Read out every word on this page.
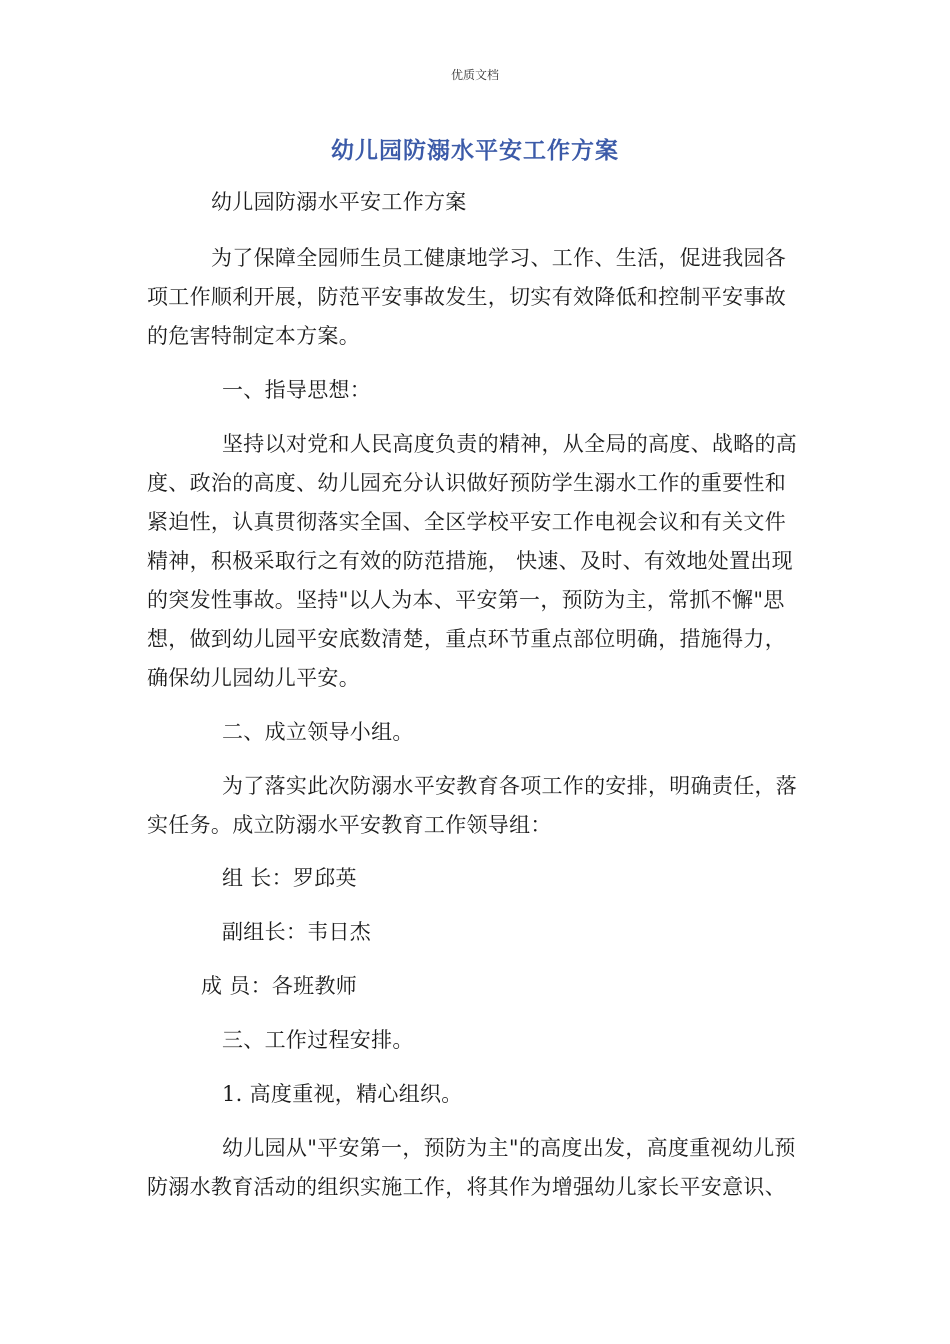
优质文档
幼儿园防溺水平安工作方案
幼儿园防溺水平安工作方案
为了保障全园师生员工健康地学习、工作、生活，促进我园各
项工作顺利开展，防范平安事故发生，切实有效降低和控制平安事故
的危害特制定本方案。
一、指导思想：
坚持以对党和人民高度负责的精神，从全局的高度、战略的高
度、政治的高度、幼儿园充分认识做好预防学生溺水工作的重要性和
紧迫性，认真贯彻落实全国、全区学校平安工作电视会议和有关文件
精神，积极采取行之有效的防范措施， 快速、及时、有效地处置出现
的突发性事故。坚持"以人为本、平安第一，预防为主，常抓不懈"思
想，做到幼儿园平安底数清楚，重点环节重点部位明确，措施得力，
确保幼儿园幼儿平安。
二、成立领导小组。
为了落实此次防溺水平安教育各项工作的安排，明确责任，落
实任务。成立防溺水平安教育工作领导组：
组 长：罗邱英
副组长：韦日杰
成 员：各班教师
三、工作过程安排。
1. 高度重视，精心组织。
幼儿园从"平安第一，预防为主"的高度出发，高度重视幼儿预
防溺水教育活动的组织实施工作，将其作为增强幼儿家长平安意识、
